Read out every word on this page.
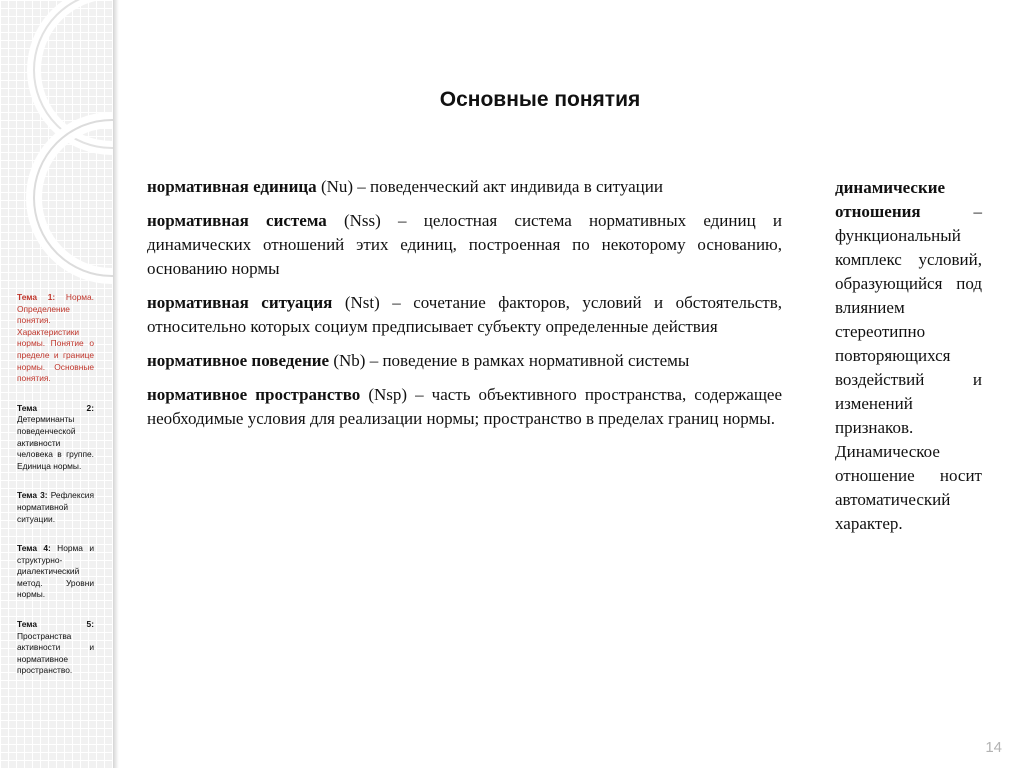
Тема 1: Норма. Определение понятия. Характеристики нормы. Понятие о пределе и границе нормы. Основные понятия.
Тема 2: Детерминанты поведенческой активности человека в группе. Единица нормы.
Тема 3: Рефлексия нормативной ситуации.
Тема 4: Норма и структурно-диалектический метод. Уровни нормы.
Тема 5: Пространства активности и нормативное пространство.
Основные понятия

нормативная единица (Nu) – поведенческий акт индивида в ситуации

нормативная система (Nss) – целостная система нормативных единиц и динамических отношений этих единиц, построенная по некоторому основанию, основанию нормы

нормативная ситуация (Nst) – сочетание факторов, условий и обстоятельств, относительно которых социум предписывает субъекту определенные действия

нормативное поведение (Nb) – поведение в рамках нормативной системы

нормативное пространство (Nsp) – часть объективного пространства, содержащее необходимые условия для реализации нормы; пространство в пределах границ нормы.

динамические отношения – функциональный комплекс условий, образующийся под влиянием стереотипно повторяющихся воздействий и изменений признаков. Динамическое отношение носит автоматический характер.
14
